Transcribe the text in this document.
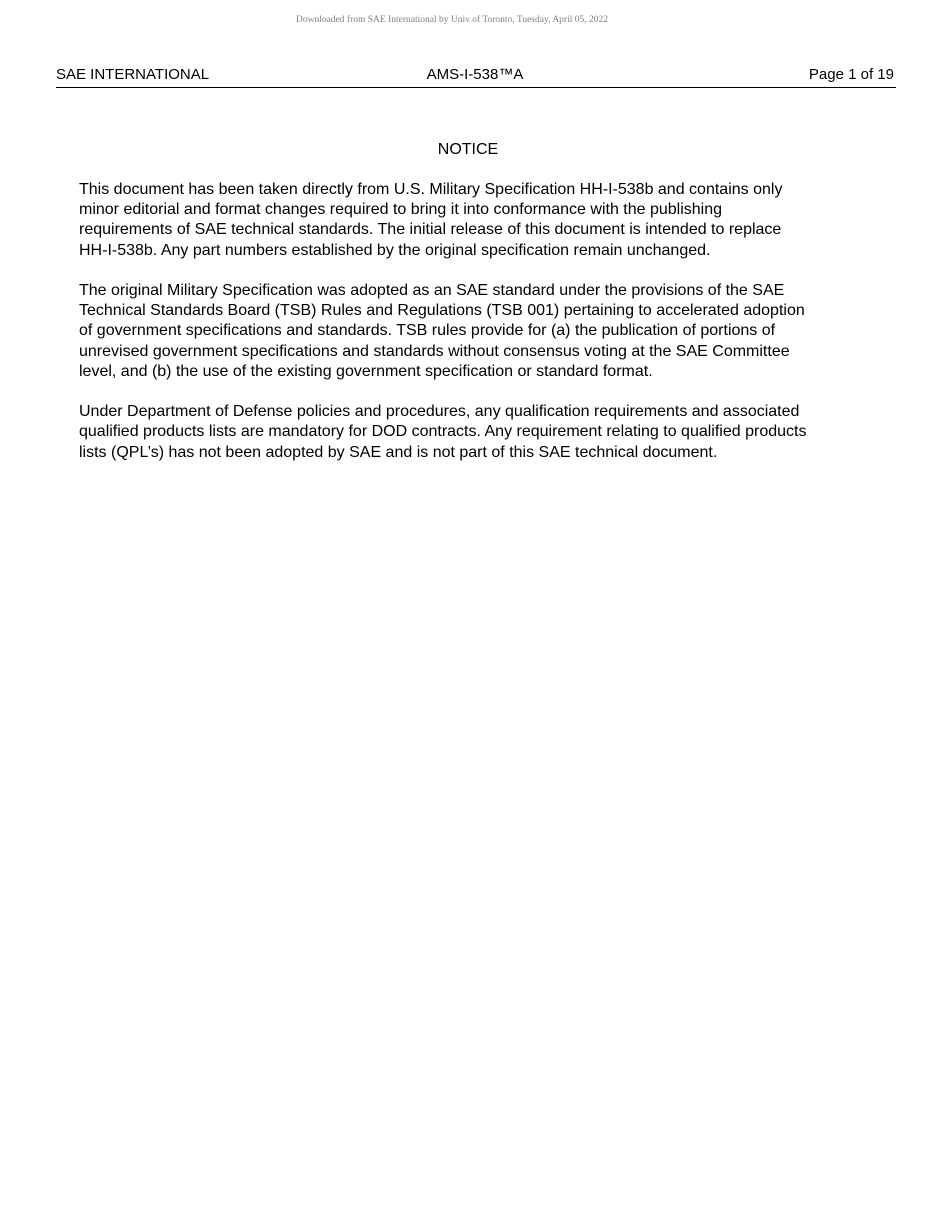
Downloaded from SAE International by Univ of Toronto, Tuesday, April 05, 2022
AMS-I-538™A
SAE INTERNATIONAL	Page 1 of 19
NOTICE

This document has been taken directly from U.S. Military Specification HH-I-538b and contains only
minor editorial and format changes required to bring it into conformance with the publishing
requirements of SAE technical standards. The initial release of this document is intended to replace
HH-I-538b. Any part numbers established by the original specification remain unchanged.

The original Military Specification was adopted as an SAE standard under the provisions of the SAE
Technical Standards Board (TSB) Rules and Regulations (TSB 001) pertaining to accelerated adoption
of government specifications and standards. TSB rules provide for (a) the publication of portions of
unrevised government specifications and standards without consensus voting at the SAE Committee
level, and (b) the use of the existing government specification or standard format.

Under Department of Defense policies and procedures, any qualification requirements and associated
qualified products lists are mandatory for DOD contracts. Any requirement relating to qualified products
lists (QPL’s) has not been adopted by SAE and is not part of this SAE technical document.
